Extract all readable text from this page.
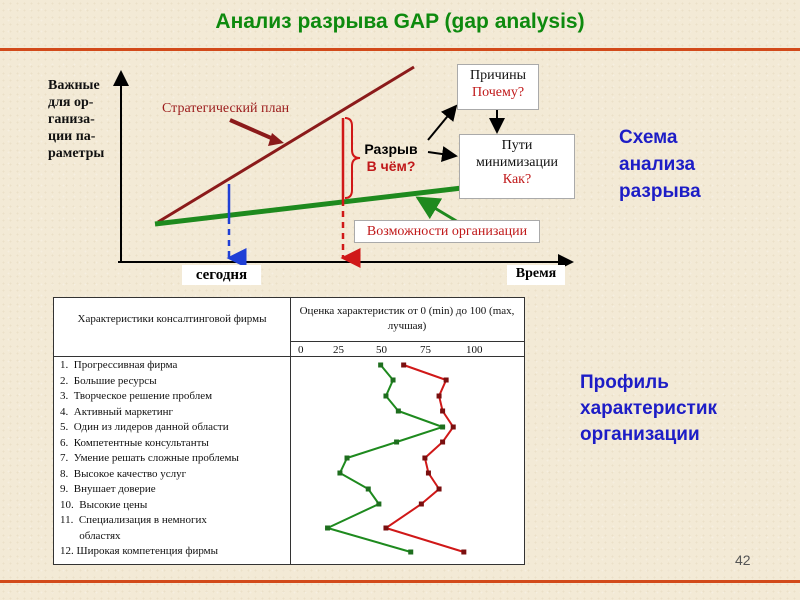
Анализ разрыва GAP (gap analysis)
Важные
для ор-
ганиза-
ции па-
раметры
Стратегический план
Разрыв
В чём?
Причины
Почему?
Пути минимизации
Как?
Возможности организации
сегодня	Время
Схема
анализа
разрыва
Характеристики консалтинговой фирмы
Оценка характеристик от 0 (min) до 100 (max, лучшая)
0	25	50	75	100
1.  Прогрессивная фирма
2.  Большие ресурсы
3.  Творческое решение проблем
4.  Активный маркетинг
5.  Один из лидеров данной области
6.  Компетентные консультанты
7.  Умение решать сложные проблемы
8.  Высокое качество услуг
9.  Внушает доверие
10.  Высокие цены
11.  Специализация в немногих
областях
12. Широкая компетенция фирмы
Профиль
характеристик
организации
42
